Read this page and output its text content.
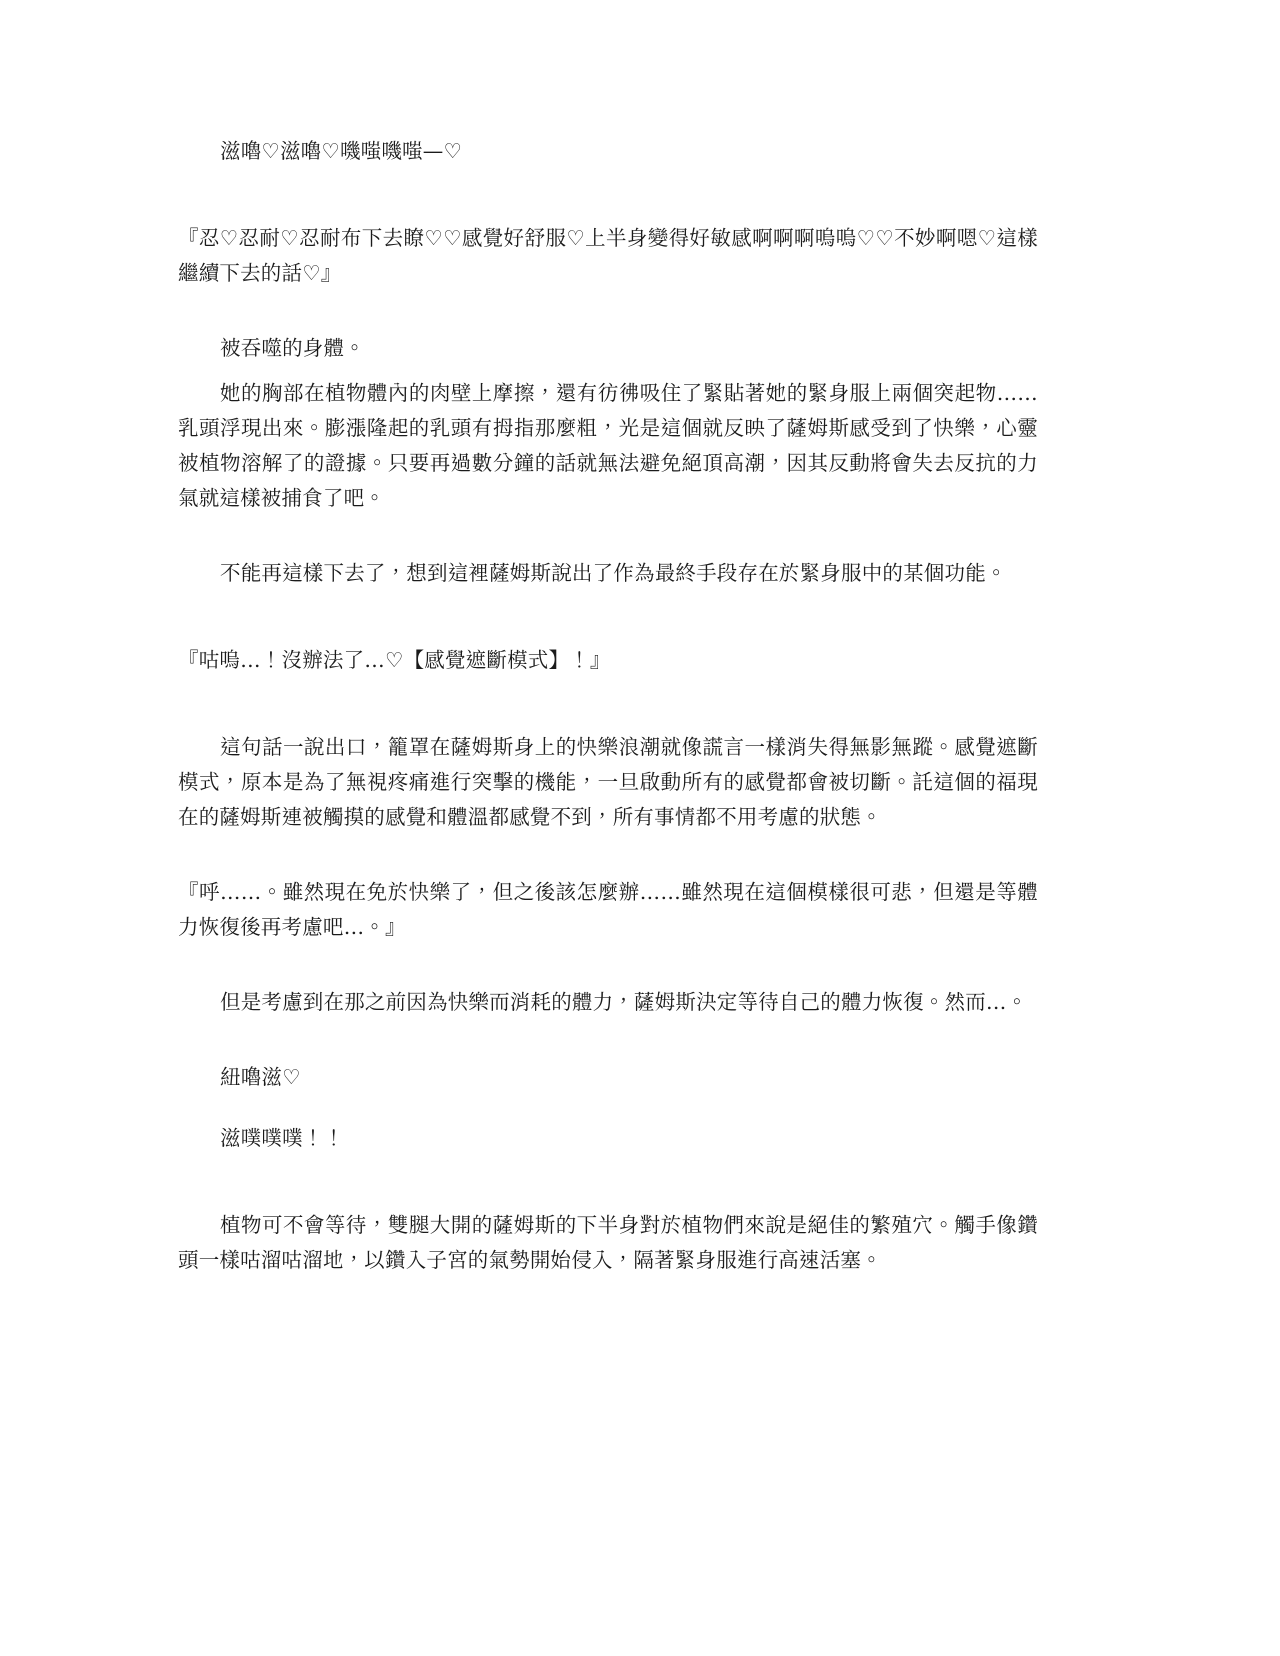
滋嚕♡滋嚕♡嘰嗤嘰嗤—♡

『忍♡忍耐♡忍耐布下去瞭♡♡感覺好舒服♡上半身變得好敏感啊啊啊嗚嗚♡♡不妙啊嗯♡這樣繼續下去的話♡』

被吞噬的身體。

她的胸部在植物體內的肉壁上摩擦，還有彷彿吸住了緊貼著她的緊身服上兩個突起物……乳頭浮現出來。膨漲隆起的乳頭有拇指那麼粗，光是這個就反映了薩姆斯感受到了快樂，心靈被植物溶解了的證據。只要再過數分鐘的話就無法避免絕頂高潮，因其反動將會失去反抗的力氣就這樣被捕食了吧。

不能再這樣下去了，想到這裡薩姆斯說出了作為最終手段存在於緊身服中的某個功能。

『咕嗚…！沒辦法了…♡【感覺遮斷模式】！』

這句話一說出口，籠罩在薩姆斯身上的快樂浪潮就像謊言一樣消失得無影無蹤。感覺遮斷模式，原本是為了無視疼痛進行突擊的機能，一旦啟動所有的感覺都會被切斷。託這個的福現在的薩姆斯連被觸摸的感覺和體溫都感覺不到，所有事情都不用考慮的狀態。

『呼……。雖然現在免於快樂了，但之後該怎麼辦……雖然現在這個模樣很可悲，但還是等體力恢復後再考慮吧…。』

但是考慮到在那之前因為快樂而消耗的體力，薩姆斯決定等待自己的體力恢復。然而…。

紐嚕滋♡

滋噗噗噗！！

植物可不會等待，雙腿大開的薩姆斯的下半身對於植物們來說是絕佳的繁殖穴。觸手像鑽頭一樣咕溜咕溜地，以鑽入子宮的氣勢開始侵入，隔著緊身服進行高速活塞。
